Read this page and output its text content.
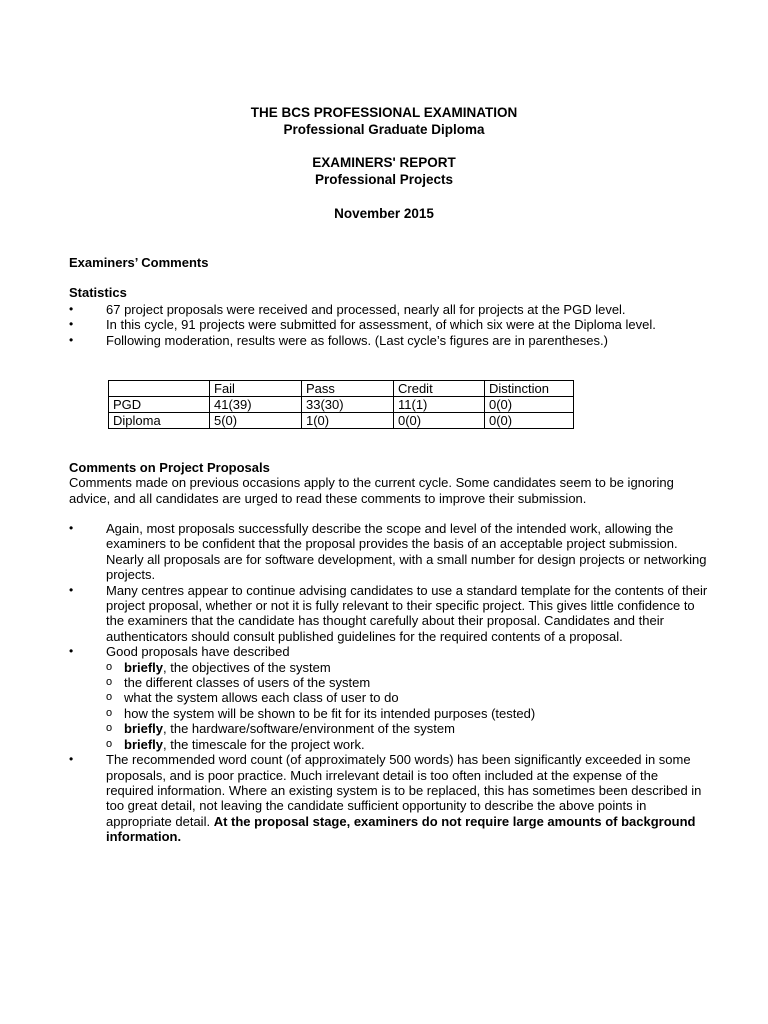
THE BCS PROFESSIONAL EXAMINATION
Professional Graduate Diploma
EXAMINERS' REPORT
Professional Projects
November 2015
Examiners’ Comments
Statistics
•	67 project proposals were received and processed, nearly all for projects at the PGD level.
•	In this cycle, 91 projects were submitted for assessment, of which six were at the Diploma level.
•	Following moderation, results were as follows. (Last cycle’s figures are in parentheses.)
	Fail	Pass	Credit	Distinction
PGD	41(39)	33(30)	11(1)	0(0)
Diploma	5(0)	1(0)	0(0)	0(0)
Comments on Project Proposals
Comments made on previous occasions apply to the current cycle. Some candidates seem to be ignoring advice, and all candidates are urged to read these comments to improve their submission.
•	Again, most proposals successfully describe the scope and level of the intended work, allowing the examiners to be confident that the proposal provides the basis of an acceptable project submission. Nearly all proposals are for software development, with a small number for design projects or networking projects.
•	Many centres appear to continue advising candidates to use a standard template for the contents of their project proposal, whether or not it is fully relevant to their specific project. This gives little confidence to the examiners that the candidate has thought carefully about their proposal. Candidates and their authenticators should consult published guidelines for the required contents of a proposal.
•	Good proposals have described
o briefly, the objectives of the system
o the different classes of users of the system
o what the system allows each class of user to do
o how the system will be shown to be fit for its intended purposes (tested)
o briefly, the hardware/software/environment of the system
o briefly, the timescale for the project work.
•	The recommended word count (of approximately 500 words) has been significantly exceeded in some proposals, and is poor practice. Much irrelevant detail is too often included at the expense of the required information. Where an existing system is to be replaced, this has sometimes been described in too great detail, not leaving the candidate sufficient opportunity to describe the above points in appropriate detail. At the proposal stage, examiners do not require large amounts of background information.
